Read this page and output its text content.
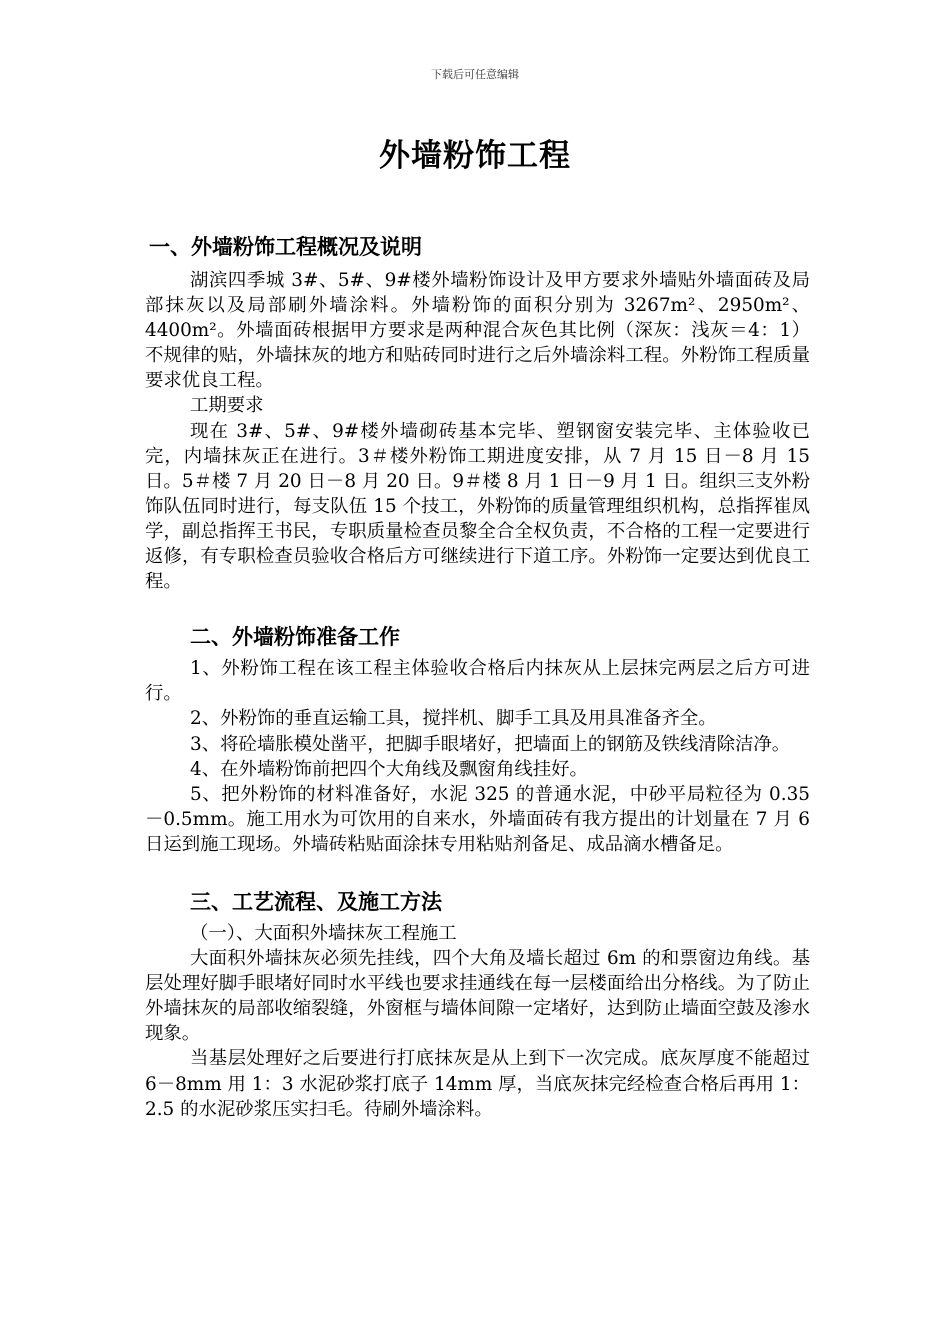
下载后可任意编辑
外墙粉饰工程
一、外墙粉饰工程概况及说明

湖滨四季城 3#、5#、9#楼外墙粉饰设计及甲方要求外墙贴外墙面砖及局部抹灰以及局部刷外墙涂料。外墙粉饰的面积分别为 3267m²、2950m²、4400m²。外墙面砖根据甲方要求是两种混合灰色其比例（深灰：浅灰＝4：1）不规律的贴，外墙抹灰的地方和贴砖同时进行之后外墙涂料工程。外粉饰工程质量要求优良工程。

工期要求

现在 3#、5#、9#楼外墙砌砖基本完毕、塑钢窗安装完毕、主体验收已完，内墙抹灰正在进行。3＃楼外粉饰工期进度安排，从 7 月 15 日－8 月 15 日。5＃楼 7 月 20 日－8 月 20 日。9＃楼 8 月 1 日－9 月 1 日。组织三支外粉饰队伍同时进行，每支队伍 15 个技工，外粉饰的质量管理组织机构，总指挥崔凤学，副总指挥王书民，专职质量检查员黎全合全权负责，不合格的工程一定要进行返修，有专职检查员验收合格后方可继续进行下道工序。外粉饰一定要达到优良工程。

二、外墙粉饰准备工作

1、外粉饰工程在该工程主体验收合格后内抹灰从上层抹完两层之后方可进行。

2、外粉饰的垂直运输工具，搅拌机、脚手工具及用具准备齐全。

3、将砼墙胀模处凿平，把脚手眼堵好，把墙面上的钢筋及铁线清除洁净。

4、在外墙粉饰前把四个大角线及飘窗角线挂好。

5、把外粉饰的材料准备好，水泥 325 的普通水泥，中砂平局粒径为 0.35－0.5mm。施工用水为可饮用的自来水，外墙面砖有我方提出的计划量在 7 月 6 日运到施工现场。外墙砖粘贴面涂抹专用粘贴剂备足、成品滴水槽备足。

三、工艺流程、及施工方法

（一）、大面积外墙抹灰工程施工

大面积外墙抹灰必须先挂线，四个大角及墙长超过 6m 的和票窗边角线。基层处理好脚手眼堵好同时水平线也要求挂通线在每一层楼面给出分格线。为了防止外墙抹灰的局部收缩裂缝，外窗框与墙体间隙一定堵好，达到防止墙面空鼓及渗水现象。

当基层处理好之后要进行打底抹灰是从上到下一次完成。底灰厚度不能超过 6－8mm 用 1：3 水泥砂浆打底子 14mm 厚，当底灰抹完经检查合格后再用 1：2.5 的水泥砂浆压实扫毛。待刷外墙涂料。
